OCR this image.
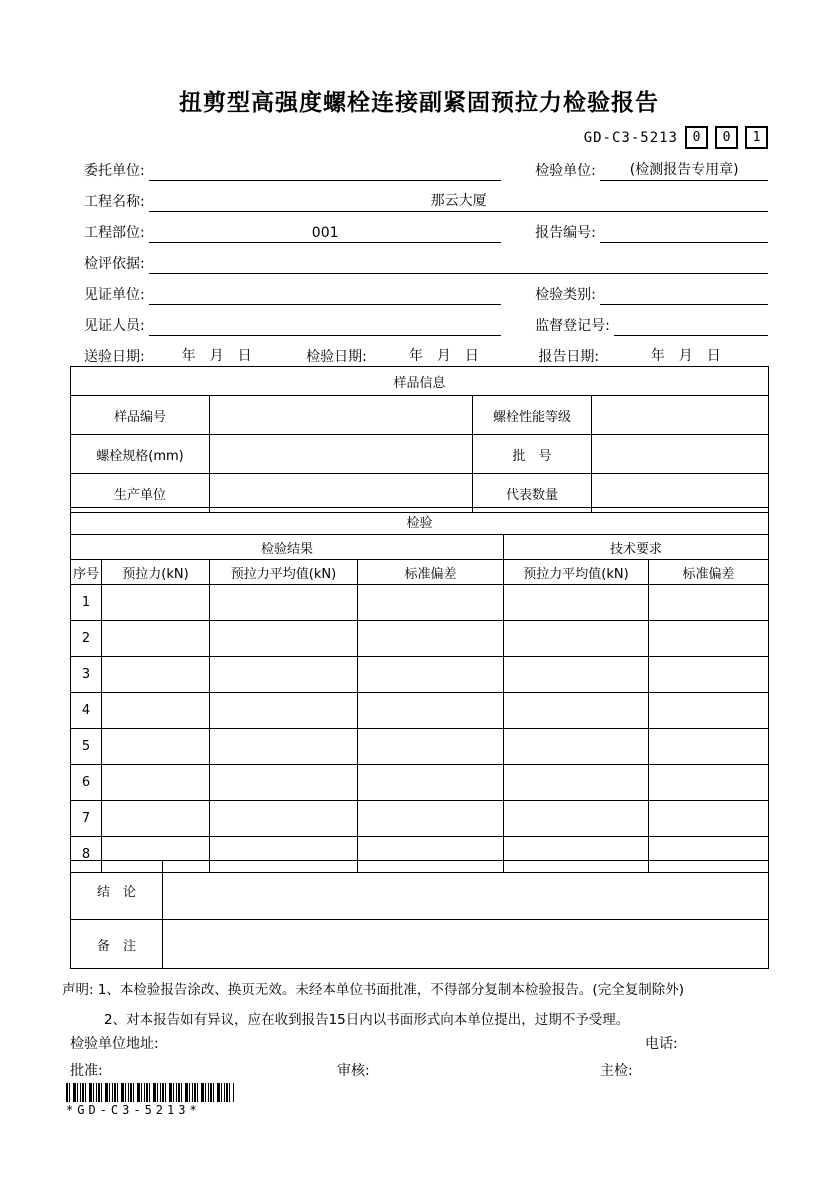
扭剪型高强度螺栓连接副紧固预拉力检验报告
GD-C3-5213	0	0	1
委托单位:	检验单位:	(检测报告专用章)
工程名称:	那云大厦
工程部位:	001	报告编号:
检评依据:
见证单位:	检验类别:
见证人员:	监督登记号:
送验日期:	年　月　日	检验日期:	年　月　日	报告日期:	年　月　日
样品信息			
样品编号		螺栓性能等级	
螺栓规格(mm)		批　号	
生产单位		代表数量	
检验					
检验结果				技术要求	
序号	预拉力(kN)	预拉力平均值(kN)	标准偏差	预拉力平均值(kN)	标准偏差
1					
2					
3					
4					
5					
6					
7					
8					
结　论	
备　注	

声明: 1、本检验报告涂改、换页无效。未经本单位书面批准，不得部分复制本检验报告。(完全复制除外)

2、对本报告如有异议，应在收到报告15日内以书面形式向本单位提出，过期不予受理。

检验单位地址:	电话:
批准:	审核:	主检:
*GD-C3-5213*
